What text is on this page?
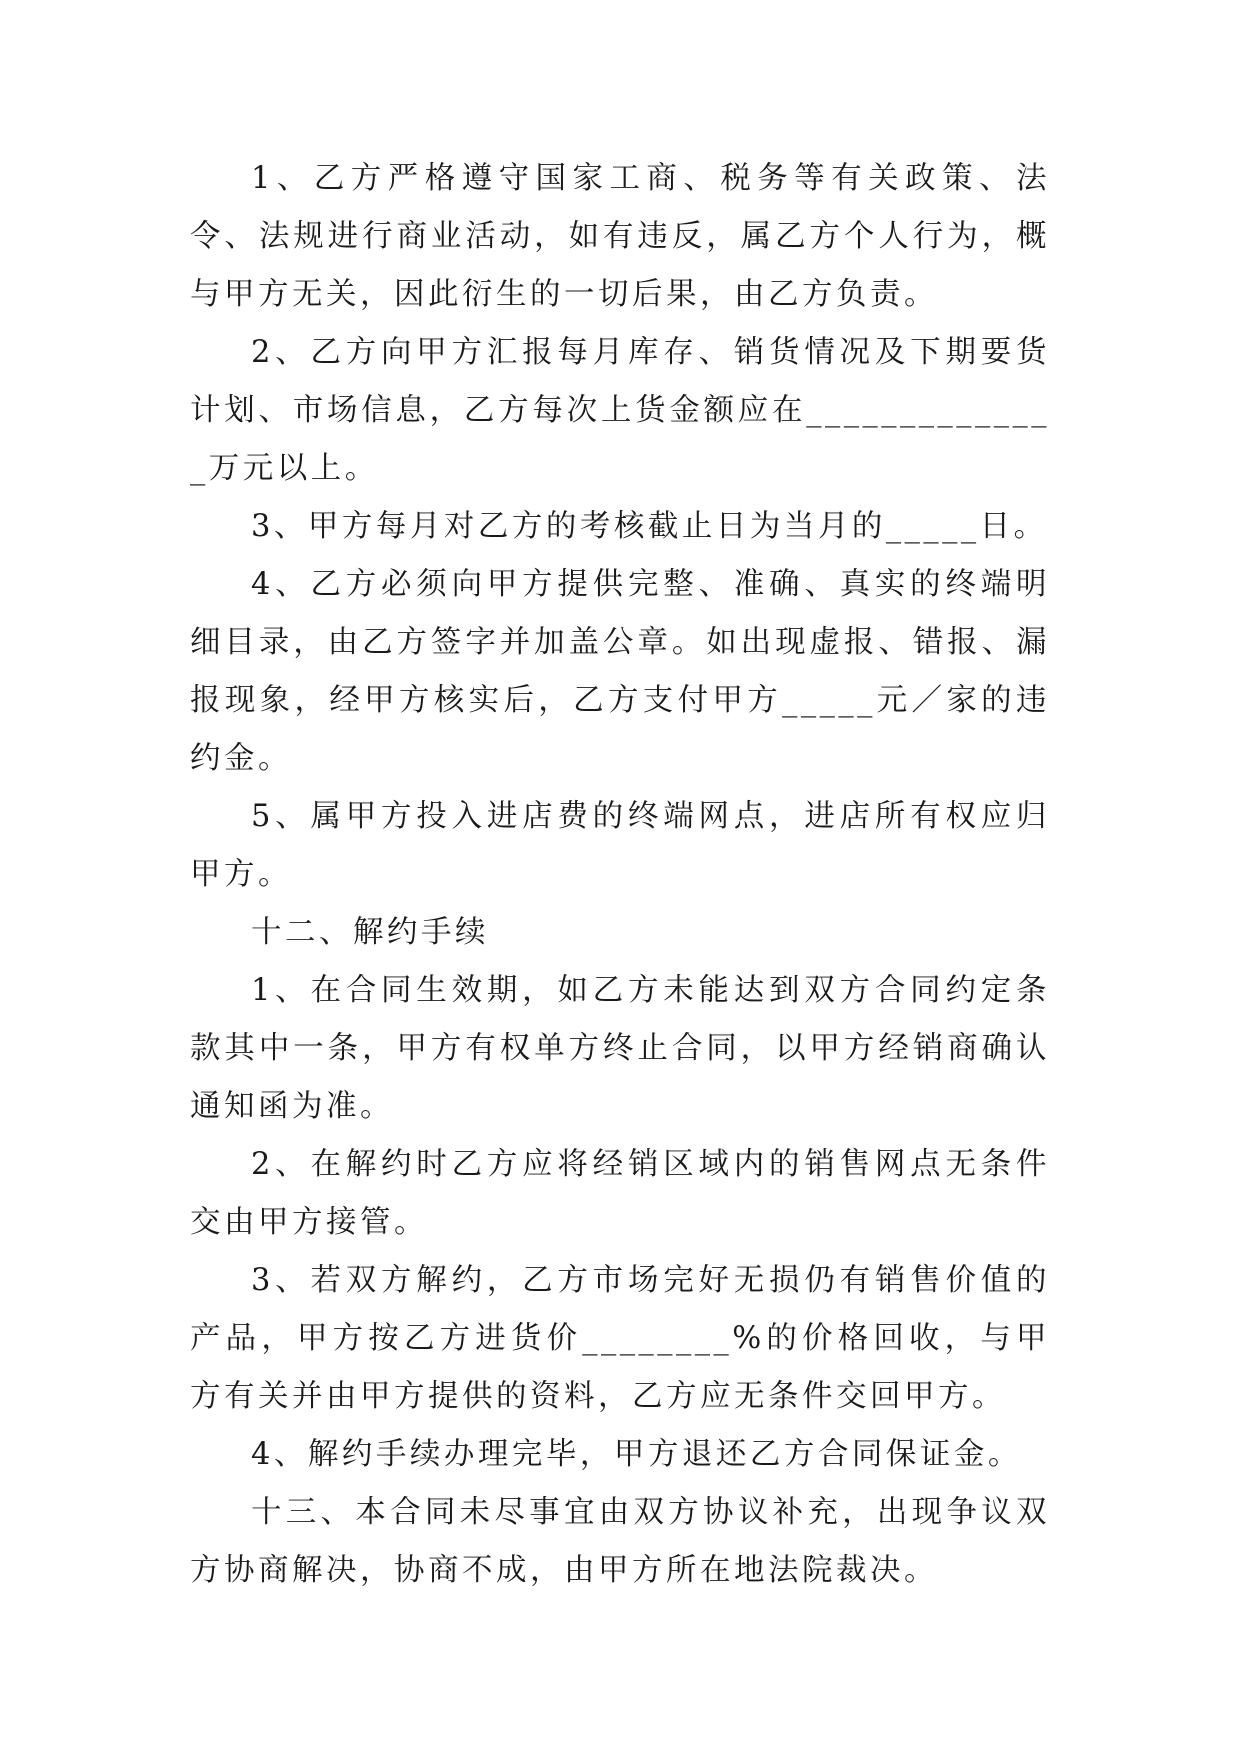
1、乙方严格遵守国家工商、税务等有关政策、法令、法规进行商业活动，如有违反，属乙方个人行为，概与甲方无关，因此衍生的一切后果，由乙方负责。

2、乙方向甲方汇报每月库存、销货情况及下期要货计划、市场信息，乙方每次上货金额应在______________万元以上。

3、甲方每月对乙方的考核截止日为当月的_____日。

4、乙方必须向甲方提供完整、准确、真实的终端明细目录，由乙方签字并加盖公章。如出现虚报、错报、漏报现象，经甲方核实后，乙方支付甲方_____元／家的违约金。

5、属甲方投入进店费的终端网点，进店所有权应归甲方。

十二、解约手续

1、在合同生效期，如乙方未能达到双方合同约定条款其中一条，甲方有权单方终止合同，以甲方经销商确认通知函为准。

2、在解约时乙方应将经销区域内的销售网点无条件交由甲方接管。

3、若双方解约，乙方市场完好无损仍有销售价值的产品，甲方按乙方进货价________%的价格回收，与甲方有关并由甲方提供的资料，乙方应无条件交回甲方。

4、解约手续办理完毕，甲方退还乙方合同保证金。

十三、本合同未尽事宜由双方协议补充，出现争议双方协商解决，协商不成，由甲方所在地法院裁决。
